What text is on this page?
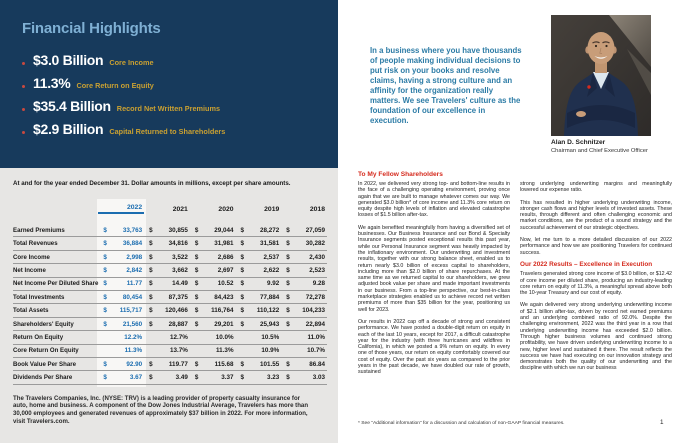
Financial Highlights
$3.0 Billion Core Income
11.3% Core Return on Equity
$35.4 Billion Record Net Written Premiums
$2.9 Billion Capital Returned to Shareholders
At and for the year ended December 31. Dollar amounts in millions, except per share amounts.
2022	2021	2020	2019	2018
Earned Premiums	$	33,763 $	30,855 $	29,044 $	28,272 $	27,059
Total Revenues	$	36,884 $	34,816 $	31,981 $	31,581 $	30,282
Core Income	$	2,998 $	3,522 $	2,686 $	2,537 $	2,430
Net Income	$	2,842 $	3,662 $	2,697 $	2,622 $	2,523
Net Income Per Diluted Share $	11.77 $	14.49 $	10.52 $	9.92 $	9.28
Total Investments	$	80,454 $	87,375 $	84,423 $	77,884 $	72,278
Total Assets	$ 115,717 $ 120,466 $ 116,764 $ 110,122 $ 104,233
Shareholders' Equity	$	21,560 $	28,887 $	29,201 $	25,943 $	22,894
Return On Equity	12.2%	12.7%	10.0%	10.5%	11.0%
Core Return On Equity	11.3%	13.7%	11.3%	10.9%	10.7%
Book Value Per Share	$	92.90 $	119.77 $	115.68 $	101.55 $	86.84
Dividends Per Share	$	3.67 $	3.49 $	3.37 $	3.23 $	3.03
The Travelers Companies, Inc. (NYSE: TRV) is a leading provider of property casualty insurance for auto, home and business. A component of the Dow Jones Industrial Average, Travelers has more than 30,000 employees and generated revenues of approximately $37 billion in 2022. For more information, visit Travelers.com.
In a business where you have thousands of people making individual decisions to put risk on your books and resolve claims, having a strong culture and an affinity for the organization really matters. We see Travelers' culture as the foundation of our excellence in execution.
Alan D. Schnitzer
Chairman and Chief Executive Officer
To My Fellow Shareholders

In 2022, we delivered very strong top- and bottom-line results in the face of a challenging operating environment, proving once again that we are built to manage whatever comes our way. We generated $3.0 billion* of core income and 11.3% core return on equity despite high levels of inflation and elevated catastrophe losses of $1.5 billion after-tax.

We again benefited meaningfully from having a diversified set of businesses. Our Business Insurance and our Bond & Specialty Insurance segments posted exceptional results this past year, while our Personal Insurance segment was heavily impacted by the inflationary environment. Our underwriting and investment results, together with our strong balance sheet, enabled us to return nearly $3.0 billion of excess capital to shareholders, including more than $2.0 billion of share repurchases. At the same time as we returned capital to our shareholders, we grew adjusted book value per share and made important investments in our business. From a top-line perspective, our best-in-class marketplace strategies enabled us to achieve record net written premiums of more than $35 billion for the year, positioning us well for 2023.

Our results in 2022 cap off a decade of strong and consistent performance. We have posted a double-digit return on equity in each of the last 10 years, except for 2017, a difficult catastrophe year for the industry (with three hurricanes and wildfires in California), in which we posted a 9% return on equity. In every one of those years, our return on equity comfortably covered our cost of equity. Over the past six years as compared to the prior years in the past decade, we have doubled our rate of growth, sustained

strong underlying underwriting margins and meaningfully lowered our expense ratio.

This has resulted in higher underlying underwriting income, stronger cash flows and higher levels of invested assets. These results, through different and often challenging economic and market conditions, are the product of a sound strategy and the successful achievement of our strategic objectives.

Now, let me turn to a more detailed discussion of our 2022 performance and how we are positioning Travelers for continued success.

Our 2022 Results – Excellence in Execution

Travelers generated strong core income of $3.0 billion, or $12.42 of core income per diluted share, producing an industry-leading core return on equity of 11.3%, a meaningful spread above both the 10-year Treasury and our cost of equity.

We again delivered very strong underlying underwriting income of $2.1 billion after-tax, driven by record net earned premiums and an underlying combined ratio of 92.0%. Despite the challenging environment, 2022 was the third year in a row that underlying underwriting income has exceeded $2.0 billion. Through higher business volumes and continued strong profitability, we have driven underlying underwriting income to a new, higher level and sustained it there. The result reflects the success we have had executing on our innovation strategy and demonstrates both the quality of our underwriting and the discipline with which we run our business

* See “Additional information” for a discussion and calculation of non-GAAP financial measures.	1
